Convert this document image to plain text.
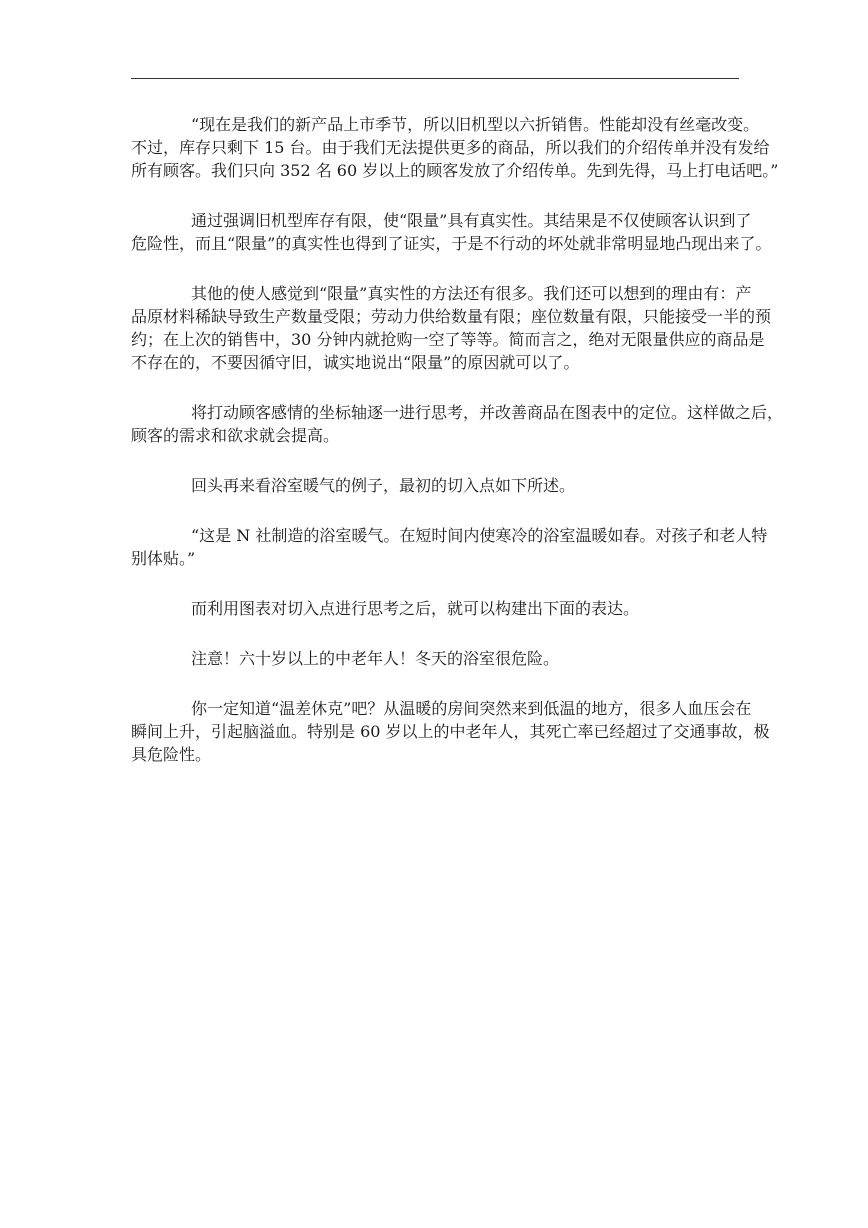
“现在是我们的新产品上市季节，所以旧机型以六折销售。性能却没有丝毫改变。
不过，库存只剩下 15 台。由于我们无法提供更多的商品，所以我们的介绍传单并没有发给
所有顾客。我们只向 352 名 60 岁以上的顾客发放了介绍传单。先到先得，马上打电话吧。”
通过强调旧机型库存有限，使“限量”具有真实性。其结果是不仅使顾客认识到了
危险性，而且“限量”的真实性也得到了证实，于是不行动的坏处就非常明显地凸现出来了。
其他的使人感觉到“限量”真实性的方法还有很多。我们还可以想到的理由有：产
品原材料稀缺导致生产数量受限；劳动力供给数量有限；座位数量有限，只能接受一半的预
约；在上次的销售中，30 分钟内就抢购一空了等等。简而言之，绝对无限量供应的商品是
不存在的，不要因循守旧，诚实地说出“限量”的原因就可以了。
将打动顾客感情的坐标轴逐一进行思考，并改善商品在图表中的定位。这样做之后，
顾客的需求和欲求就会提高。
回头再来看浴室暖气的例子，最初的切入点如下所述。
“这是 N 社制造的浴室暖气。在短时间内使寒冷的浴室温暖如春。对孩子和老人特
别体贴。”
而利用图表对切入点进行思考之后，就可以构建出下面的表达。
注意！六十岁以上的中老年人！冬天的浴室很危险。
你一定知道“温差休克”吧？从温暖的房间突然来到低温的地方，很多人血压会在
瞬间上升，引起脑溢血。特别是 60 岁以上的中老年人，其死亡率已经超过了交通事故，极
具危险性。
